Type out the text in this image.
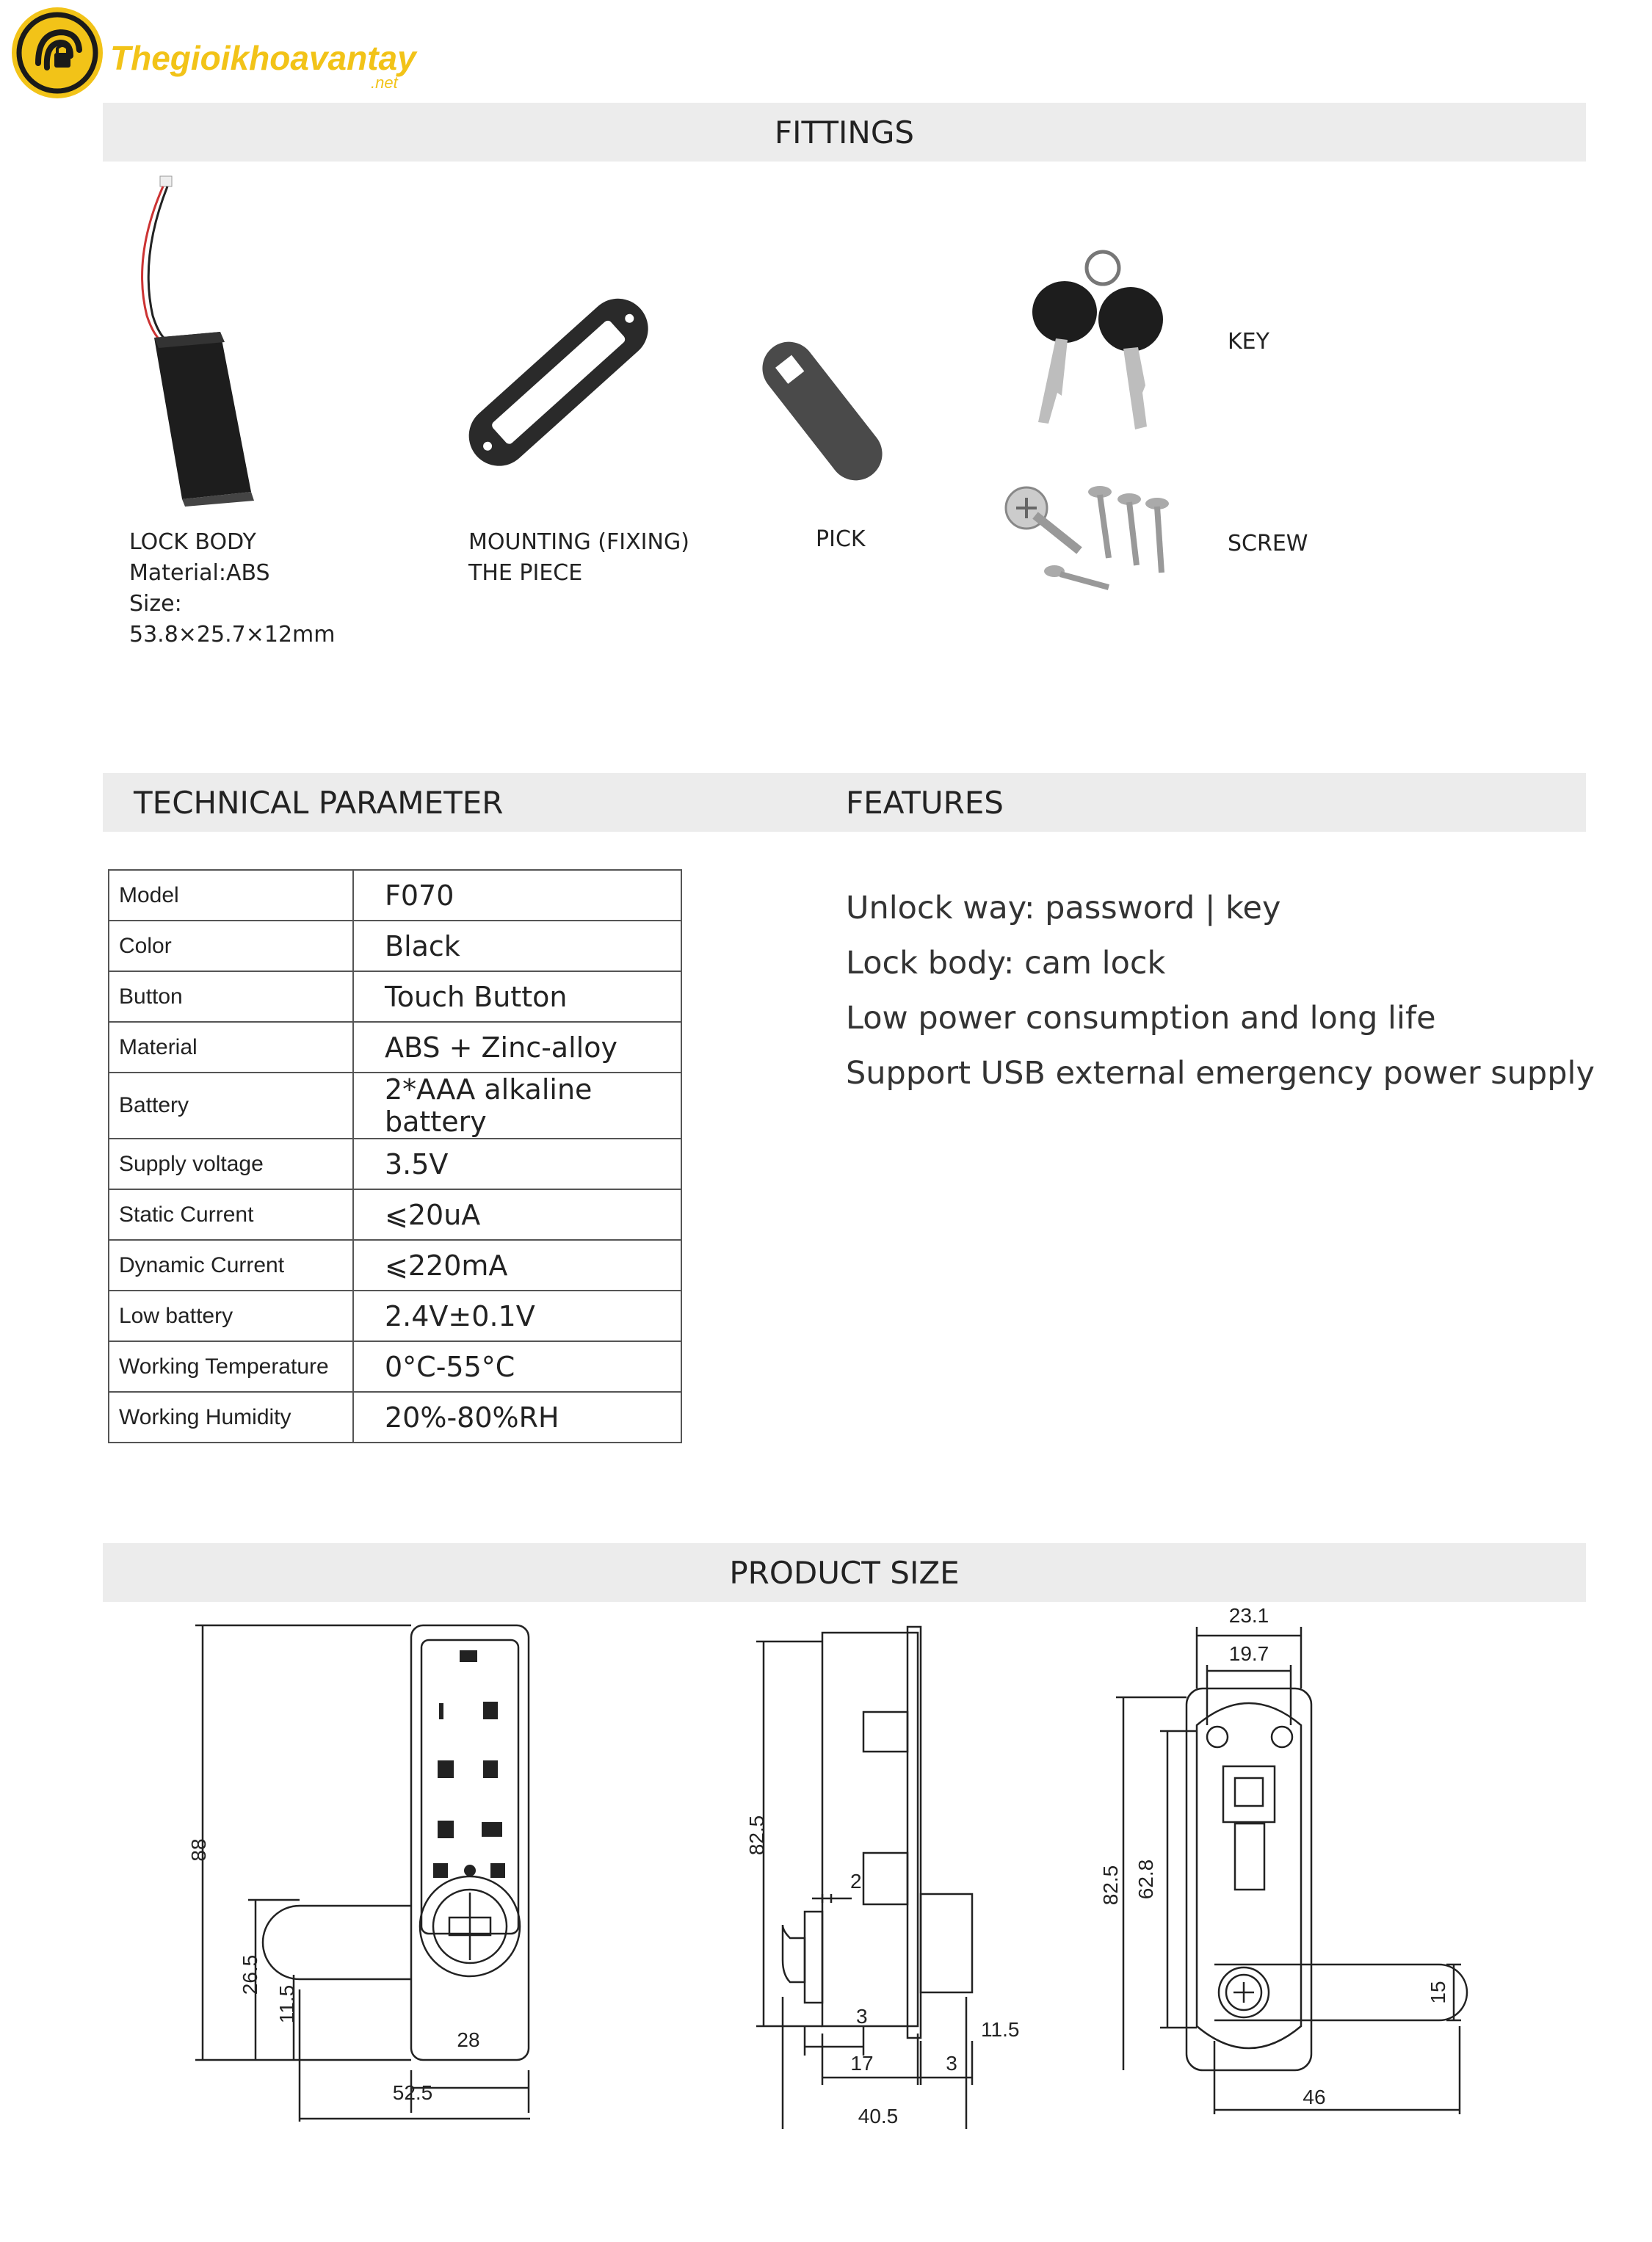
Thegioikhoavantay
.net
FITTINGS
LOCK BODY
Material:ABS
Size:
53.8×25.7×12mm
MOUNTING (FIXING)
THE PIECE
PICK
KEY
SCREW
TECHNICAL PARAMETER	FEATURES
Model	F070
Color	Black
Button	Touch Button
Material	ABS + Zinc-alloy
Battery	2*AAA alkaline battery
Supply voltage	3.5V
Static Current	⩽20uA
Dynamic Current	⩽220mA
Low battery	2.4V±0.1V
Working Temperature	0°C-55°C
Working Humidity	20%-80%RH
Unlock way: password | key
Lock body: cam lock
Low power consumption and long life
Support USB external emergency power supply
PRODUCT SIZE
88
26.5
11.5
28
52.5
82.5
2
3
17	3
11.5
40.5
23.1
19.7
82.5 62.8
15
46
